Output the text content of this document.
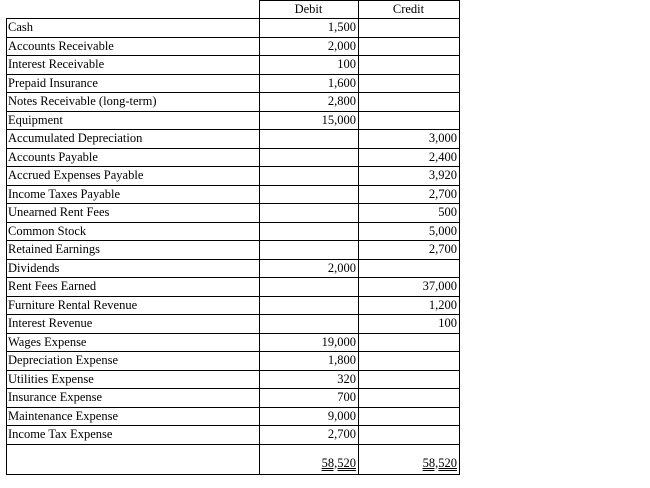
	Debit	Credit
Cash	1,500	
Accounts Receivable	2,000	
Interest Receivable	100	
Prepaid Insurance	1,600	
Notes Receivable (long-term)	2,800	
Equipment	15,000	
Accumulated Depreciation		3,000
Accounts Payable		2,400
Accrued Expenses Payable		3,920
Income Taxes Payable		2,700
Unearned Rent Fees		500
Common Stock		5,000
Retained Earnings		2,700
Dividends	2,000	
Rent Fees Earned		37,000
Furniture Rental Revenue		1,200
Interest Revenue		100
Wages Expense	19,000	
Depreciation Expense	1,800	
Utilities Expense	320	
Insurance Expense	700	
Maintenance Expense	9,000	
Income Tax Expense	2,700	
	58,520	58,520
